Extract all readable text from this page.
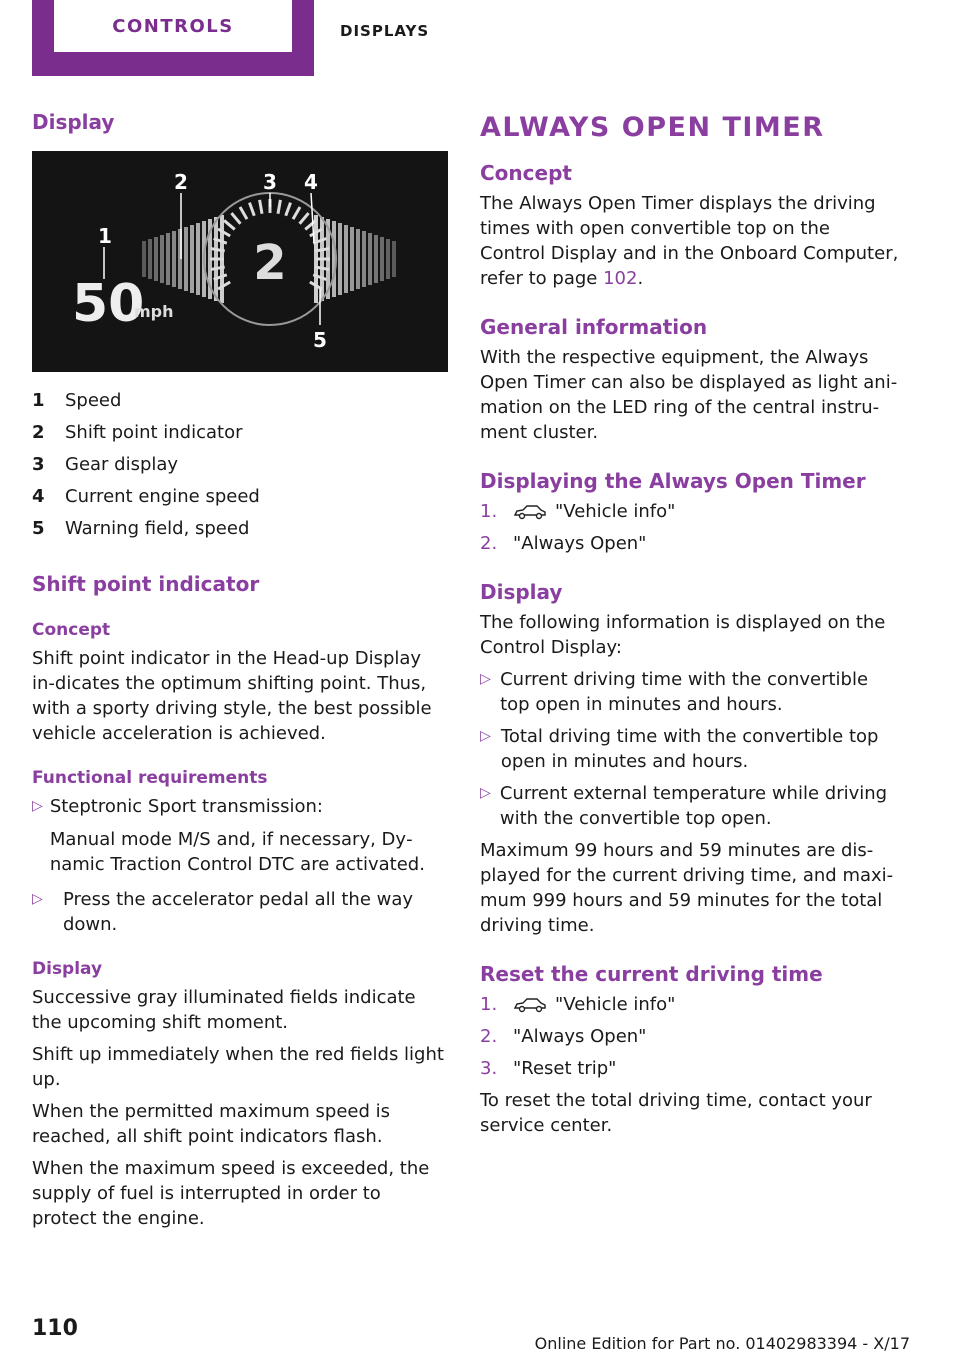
CONTROLS	DISPLAYS
Display
2
50
mph
1
2	3 4
5
1	Speed
2	Shift point indicator
3	Gear display
4	Current engine speed
5	Warning field, speed
Shift point indicator
Concept

Shift point indicator in the Head-up Display in‐dicates the optimum shifting point. Thus, with a sporty driving style, the best possible vehicle acceleration is achieved.

Functional requirements
▷ Steptronic Sport transmission:
Manual mode M/S and, if necessary, Dy‐namic Traction Control DTC are activated.
▷	Press the accelerator pedal all the way down.
Display

Successive gray illuminated fields indicate the upcoming shift moment.

Shift up immediately when the red fields light up.

When the permitted maximum speed is reached, all shift point indicators flash.

When the maximum speed is exceeded, the supply of fuel is interrupted in order to protect the engine.

ALWAYS OPEN TIMER
Concept

The Always Open Timer displays the driving times with open convertible top on the Control Display and in the Onboard Computer, refer to page 102.

General information

With the respective equipment, the Always Open Timer can also be displayed as light ani‐mation on the LED ring of the central instru‐ment cluster.

Displaying the Always Open Timer
1.	"Vehicle info"
2. "Always Open"
Display

The following information is displayed on the Control Display:

▷ Current driving time with the convertible top open in minutes and hours.
▷ Total driving time with the convertible top open in minutes and hours.
▷ Current external temperature while driving with the convertible top open.

Maximum 99 hours and 59 minutes are dis‐played for the current driving time, and maxi‐mum 999 hours and 59 minutes for the total driving time.

Reset the current driving time
1.	"Vehicle info"
2. "Always Open"
3. "Reset trip"

To reset the total driving time, contact your service center.

110
Online Edition for Part no. 01402983394 - X/17
